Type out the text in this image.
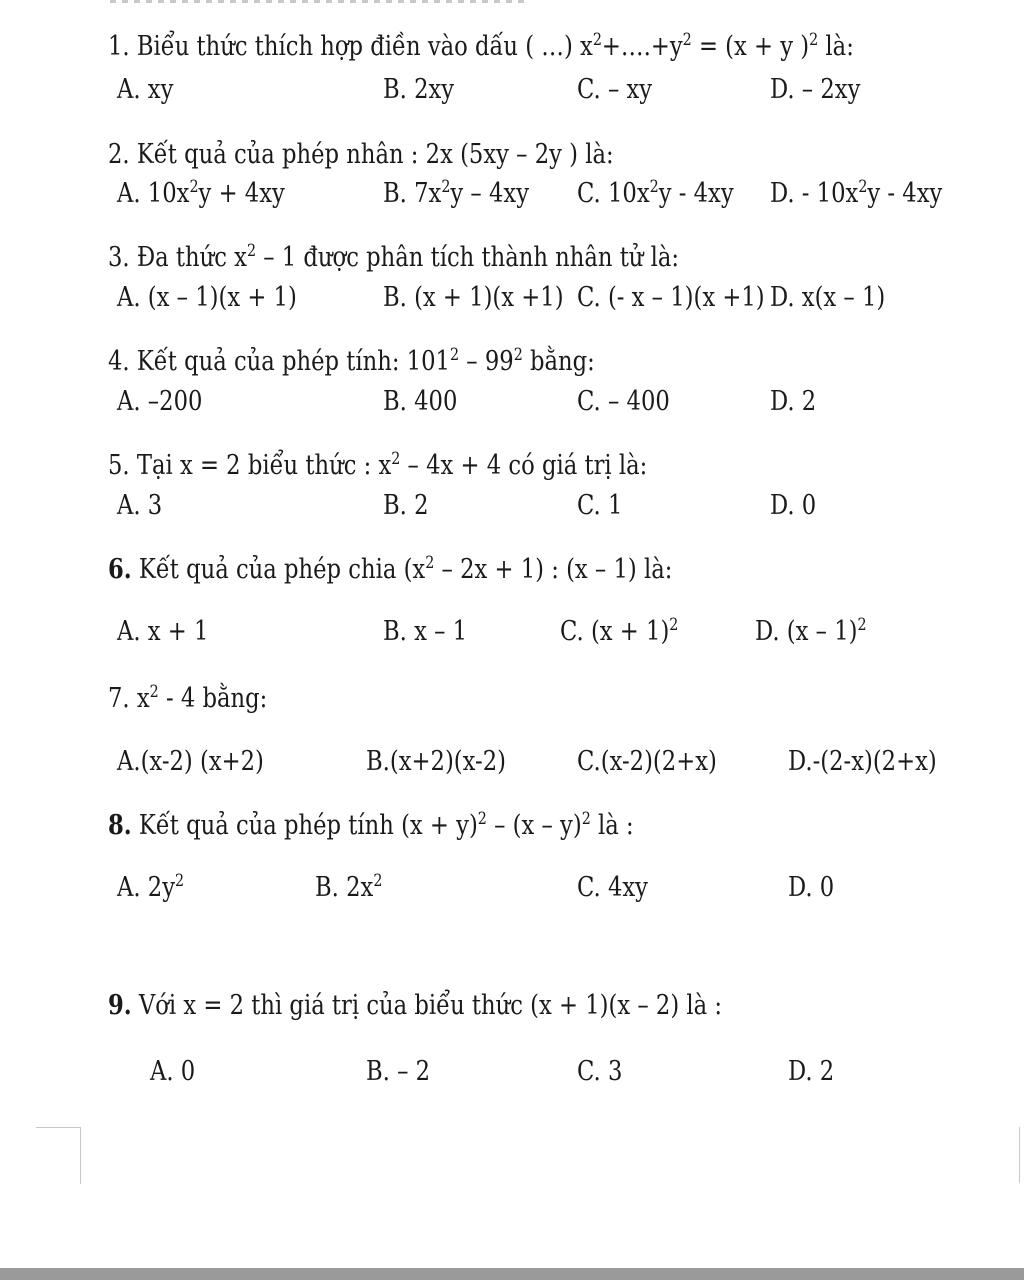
1. Biểu thức thích hợp điền vào dấu ( …) $x^2+\dots.+y^2 = (x + y$ )$^2$ là:
A. xy	B. 2xy	C. – xy	D. – 2xy
2. Kết quả của phép nhân : 2x (5xy – 2y ) là:
A. $10x^2y + 4xy$	B. $7x^2y - 4xy$ C. $10x^2y - 4xy$ D. - $10x^2y - 4xy$
3. Đa thức $x^2 - 1$ được phân tích thành nhân tử là:
A. (x – 1)(x + 1)	B. (x + 1)(x +1) C. (- x – 1)(x +1) D. x(x – 1)
4. Kết quả của phép tính: $101^2 - 99^2$ bằng:
A. –200	B. 400	C. – 400	D. 2
5. Tại x = 2 biểu thức : $x^2 - 4x + 4$ có giá trị là:
A. 3	B. 2	C. 1	D. 0
6. Kết quả của phép chia $(x^2 - 2x + 1)$ : (x – 1) là:
A. x + 1	B. x – 1	C. $(x + 1)^2$	D. (x – 1)$^2$
7. $x^2 - 4$ bằng:
A.(x-2) (x+2)	B.(x+2)(x-2)	C.(x-2)(2+x)	D.-(2-x)(2+x)
8. Kết quả của phép tính $(x + y)^2 - (x - y)^2$ là :
A. $2y^2$	B. $2x^2$	C. 4xy	D. 0
9. Với x = 2 thì giá trị của biểu thức (x + 1)(x – 2) là :
A. 0	B. – 2	C. 3	D. 2
